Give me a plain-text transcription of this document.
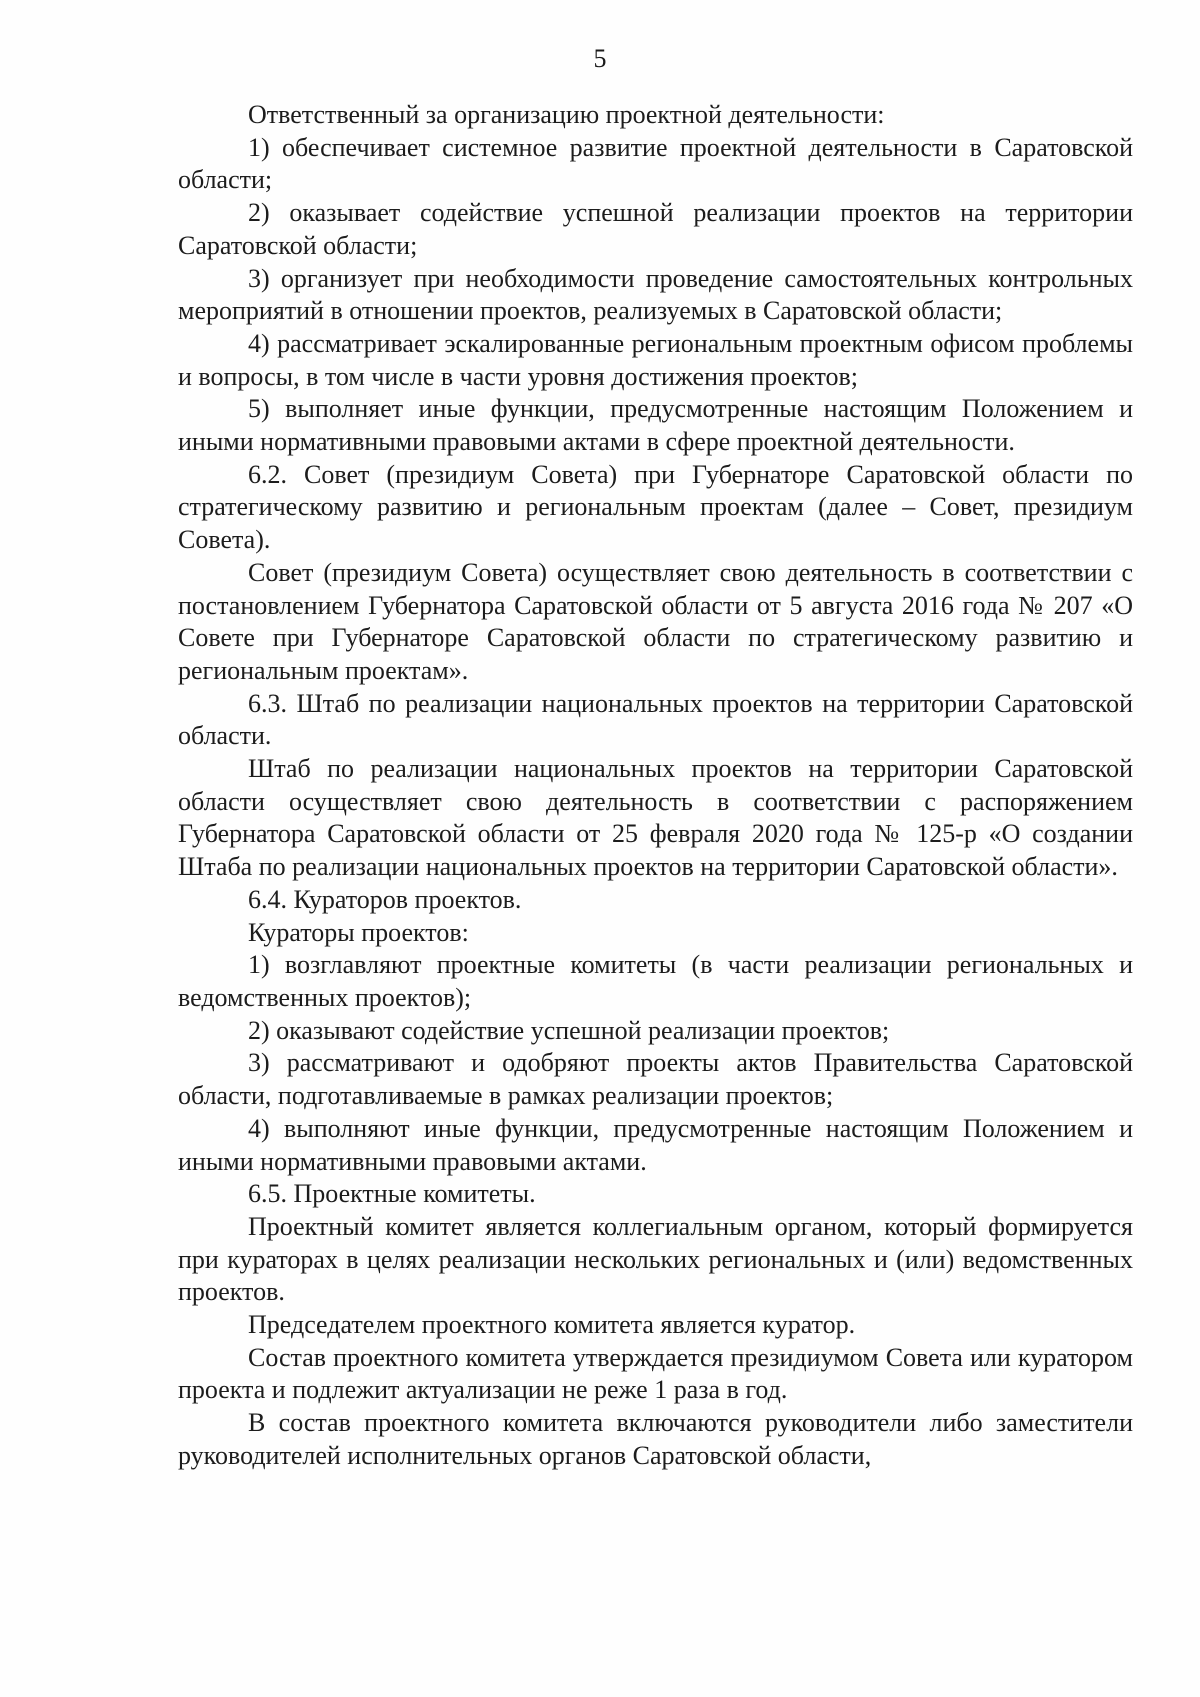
5

Ответственный за организацию проектной деятельности:

1) обеспечивает системное развитие проектной деятельности в Саратовской области;

2) оказывает содействие успешной реализации проектов на территории Саратовской области;

3) организует при необходимости проведение самостоятельных контрольных мероприятий в отношении проектов, реализуемых в Саратовской области;

4) рассматривает эскалированные региональным проектным офисом проблемы и вопросы, в том числе в части уровня достижения проектов;

5) выполняет иные функции, предусмотренные настоящим Положением и иными нормативными правовыми актами в сфере проектной деятельности.

6.2. Совет (президиум Совета) при Губернаторе Саратовской области по стратегическому развитию и региональным проектам (далее – Совет, президиум Совета).

Совет (президиум Совета) осуществляет свою деятельность в соответствии с постановлением Губернатора Саратовской области от 5 августа 2016 года № 207 «О Совете при Губернаторе Саратовской области по стратегическому развитию и региональным проектам».

6.3. Штаб по реализации национальных проектов на территории Саратовской области.

Штаб по реализации национальных проектов на территории Саратовской области осуществляет свою деятельность в соответствии с распоряжением Губернатора Саратовской области от 25 февраля 2020 года № 125-р «О создании Штаба по реализации национальных проектов на территории Саратовской области».

6.4. Кураторов проектов.

Кураторы проектов:

1) возглавляют проектные комитеты (в части реализации региональных и ведомственных проектов);

2) оказывают содействие успешной реализации проектов;

3) рассматривают и одобряют проекты актов Правительства Саратовской области, подготавливаемые в рамках реализации проектов;

4) выполняют иные функции, предусмотренные настоящим Положением и иными нормативными правовыми актами.

6.5. Проектные комитеты.

Проектный комитет является коллегиальным органом, который формируется при кураторах в целях реализации нескольких региональных и (или) ведомственных проектов.

Председателем проектного комитета является куратор.

Состав проектного комитета утверждается президиумом Совета или куратором проекта и подлежит актуализации не реже 1 раза в год.

В состав проектного комитета включаются руководители либо заместители руководителей исполнительных органов Саратовской области,
